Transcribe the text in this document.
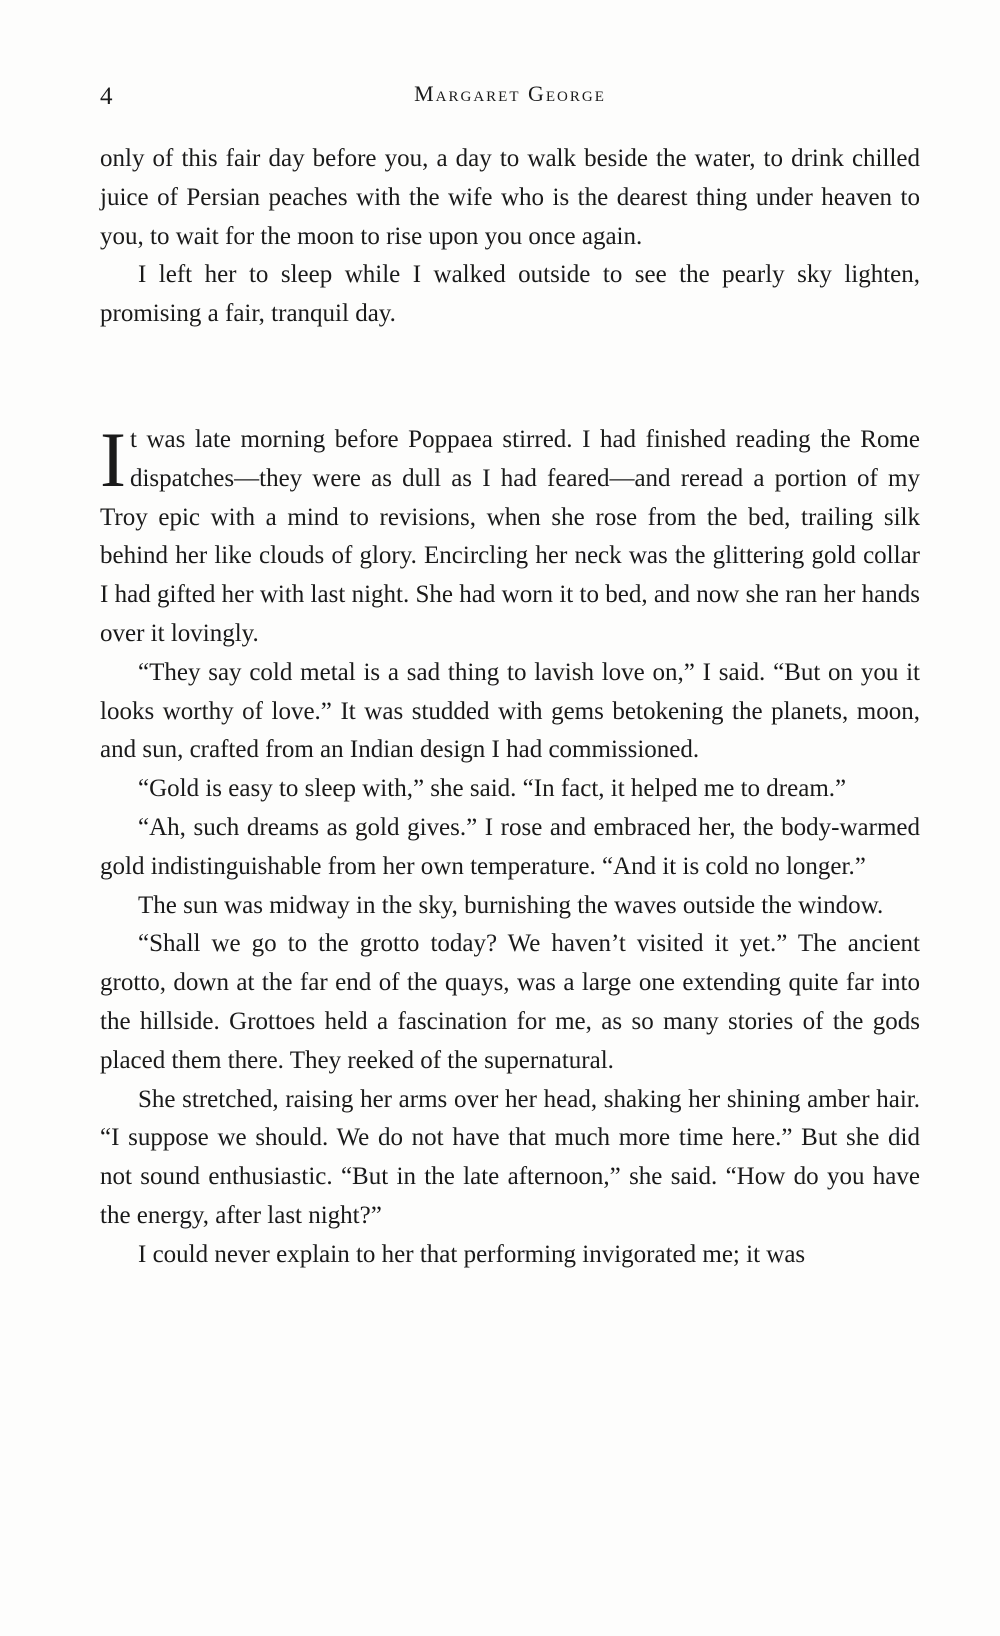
4	Margaret George

only of this fair day before you, a day to walk beside the water, to drink chilled juice of Persian peaches with the wife who is the dearest thing under heaven to you, to wait for the moon to rise upon you once again.

I left her to sleep while I walked outside to see the pearly sky lighten, promising a fair, tranquil day.

It was late morning before Poppaea stirred. I had finished reading the Rome dispatches—they were as dull as I had feared—and reread a portion of my Troy epic with a mind to revisions, when she rose from the bed, trailing silk behind her like clouds of glory. Encircling her neck was the glittering gold collar I had gifted her with last night. She had worn it to bed, and now she ran her hands over it lovingly.

“They say cold metal is a sad thing to lavish love on,” I said. “But on you it looks worthy of love.” It was studded with gems betokening the planets, moon, and sun, crafted from an Indian design I had commissioned.

“Gold is easy to sleep with,” she said. “In fact, it helped me to dream.”

“Ah, such dreams as gold gives.” I rose and embraced her, the body-warmed gold indistinguishable from her own temperature. “And it is cold no longer.”

The sun was midway in the sky, burnishing the waves outside the window.

“Shall we go to the grotto today? We haven’t visited it yet.” The ancient grotto, down at the far end of the quays, was a large one extending quite far into the hillside. Grottoes held a fascination for me, as so many stories of the gods placed them there. They reeked of the supernatural.

She stretched, raising her arms over her head, shaking her shining amber hair. “I suppose we should. We do not have that much more time here.” But she did not sound enthusiastic. “But in the late afternoon,” she said. “How do you have the energy, after last night?”

I could never explain to her that performing invigorated me; it was
